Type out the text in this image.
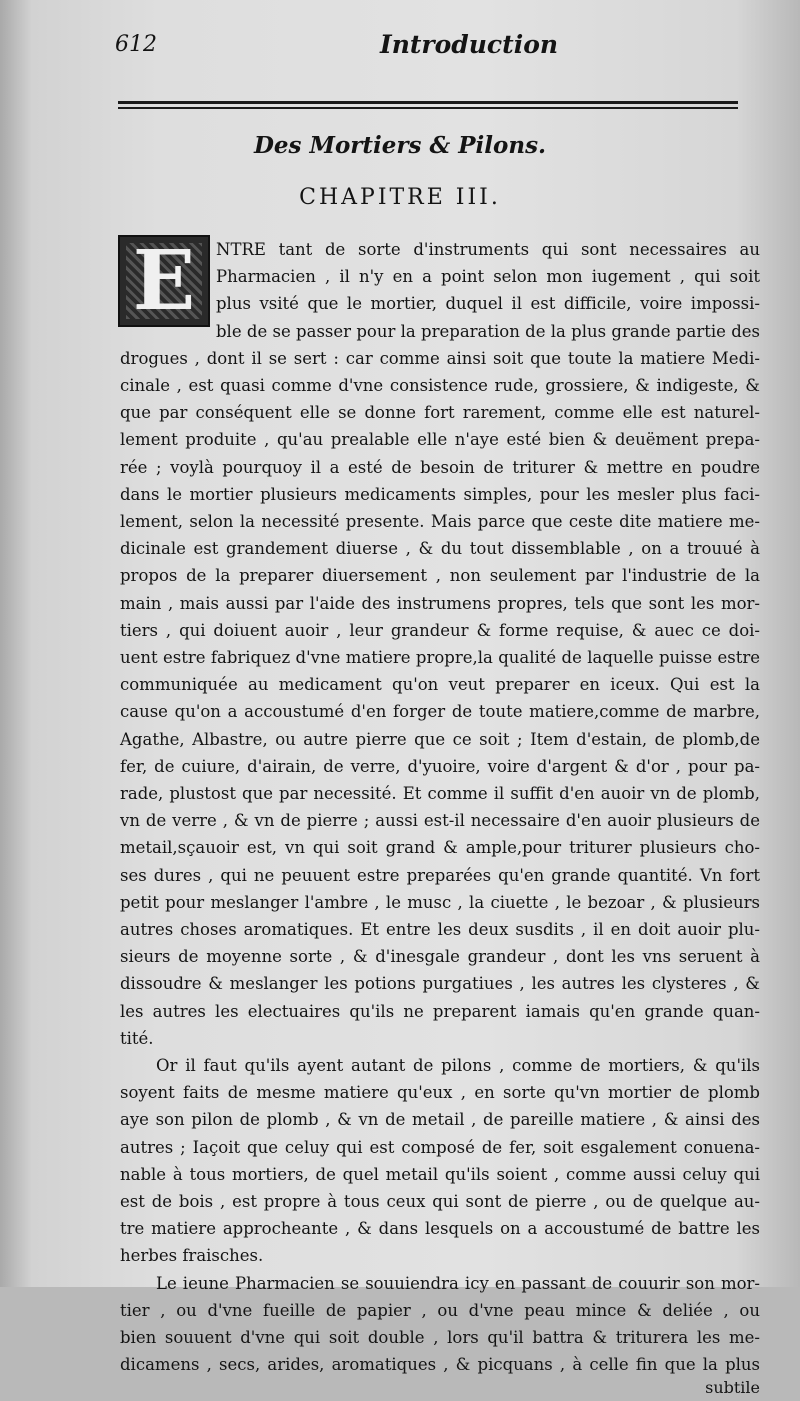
612	Introduction
Des Mortiers & Pilons.
CHAPITRE III.
E	NTRE tant de sorte d'instruments qui sont necessaires au
Pharmacien , il n'y en a point selon mon iugement , qui soit
plus vsité que le mortier, duquel il est difficile, voire impossi-
ble de se passer pour la preparation de la plus grande partie des
drogues , dont il se sert : car comme ainsi soit que toute la matiere Medi-
cinale , est quasi comme d'vne consistence rude, grossiere, & indigeste, &
que par conséquent elle se donne fort rarement, comme elle est naturel-
lement produite , qu'au prealable elle n'aye esté bien & deuëment prepa-
rée ; voylà pourquoy il a esté de besoin de triturer & mettre en poudre
dans le mortier plusieurs medicaments simples, pour les mesler plus faci-
lement, selon la necessité presente. Mais parce que ceste dite matiere me-
dicinale est grandement diuerse , & du tout dissemblable , on a trouué à
propos de la preparer diuersement , non seulement par l'industrie de la
main , mais aussi par l'aide des instrumens propres, tels que sont les mor-
tiers , qui doiuent auoir , leur grandeur & forme requise, & auec ce doi-
uent estre fabriquez d'vne matiere propre,la qualité de laquelle puisse estre
communiquée au medicament qu'on veut preparer en iceux. Qui est la
cause qu'on a accoustumé d'en forger de toute matiere,comme de marbre,
Agathe, Albastre, ou autre pierre que ce soit ; Item d'estain, de plomb,de
fer, de cuiure, d'airain, de verre, d'yuoire, voire d'argent & d'or , pour pa-
rade, plustost que par necessité. Et comme il suffit d'en auoir vn de plomb,
vn de verre , & vn de pierre ; aussi est-il necessaire d'en auoir plusieurs de
metail,sçauoir est, vn qui soit grand & ample,pour triturer plusieurs cho-
ses dures , qui ne peuuent estre preparées qu'en grande quantité. Vn fort
petit pour meslanger l'ambre , le musc , la ciuette , le bezoar , & plusieurs
autres choses aromatiques. Et entre les deux susdits , il en doit auoir plu-
sieurs de moyenne sorte , & d'inesgale grandeur , dont les vns seruent à
dissoudre & meslanger les potions purgatiues , les autres les clysteres , &
les autres les electuaires qu'ils ne preparent iamais qu'en grande quan-
tité.
Or il faut qu'ils ayent autant de pilons , comme de mortiers, & qu'ils
soyent faits de mesme matiere qu'eux , en sorte qu'vn mortier de plomb
aye son pilon de plomb , & vn de metail , de pareille matiere , & ainsi des
autres ; Iaçoit que celuy qui est composé de fer, soit esgalement conuena-
nable à tous mortiers, de quel metail qu'ils soient , comme aussi celuy qui
est de bois , est propre à tous ceux qui sont de pierre , ou de quelque au-
tre matiere approcheante , & dans lesquels on a accoustumé de battre les
herbes fraisches.
Le ieune Pharmacien se souuiendra icy en passant de couurir son mor-
tier , ou d'vne fueille de papier , ou d'vne peau mince & deliée , ou
bien souuent d'vne qui soit double , lors qu'il battra & triturera les me-
dicamens , secs, arides, aromatiques , & picquans , à celle fin que la plus
subtile
